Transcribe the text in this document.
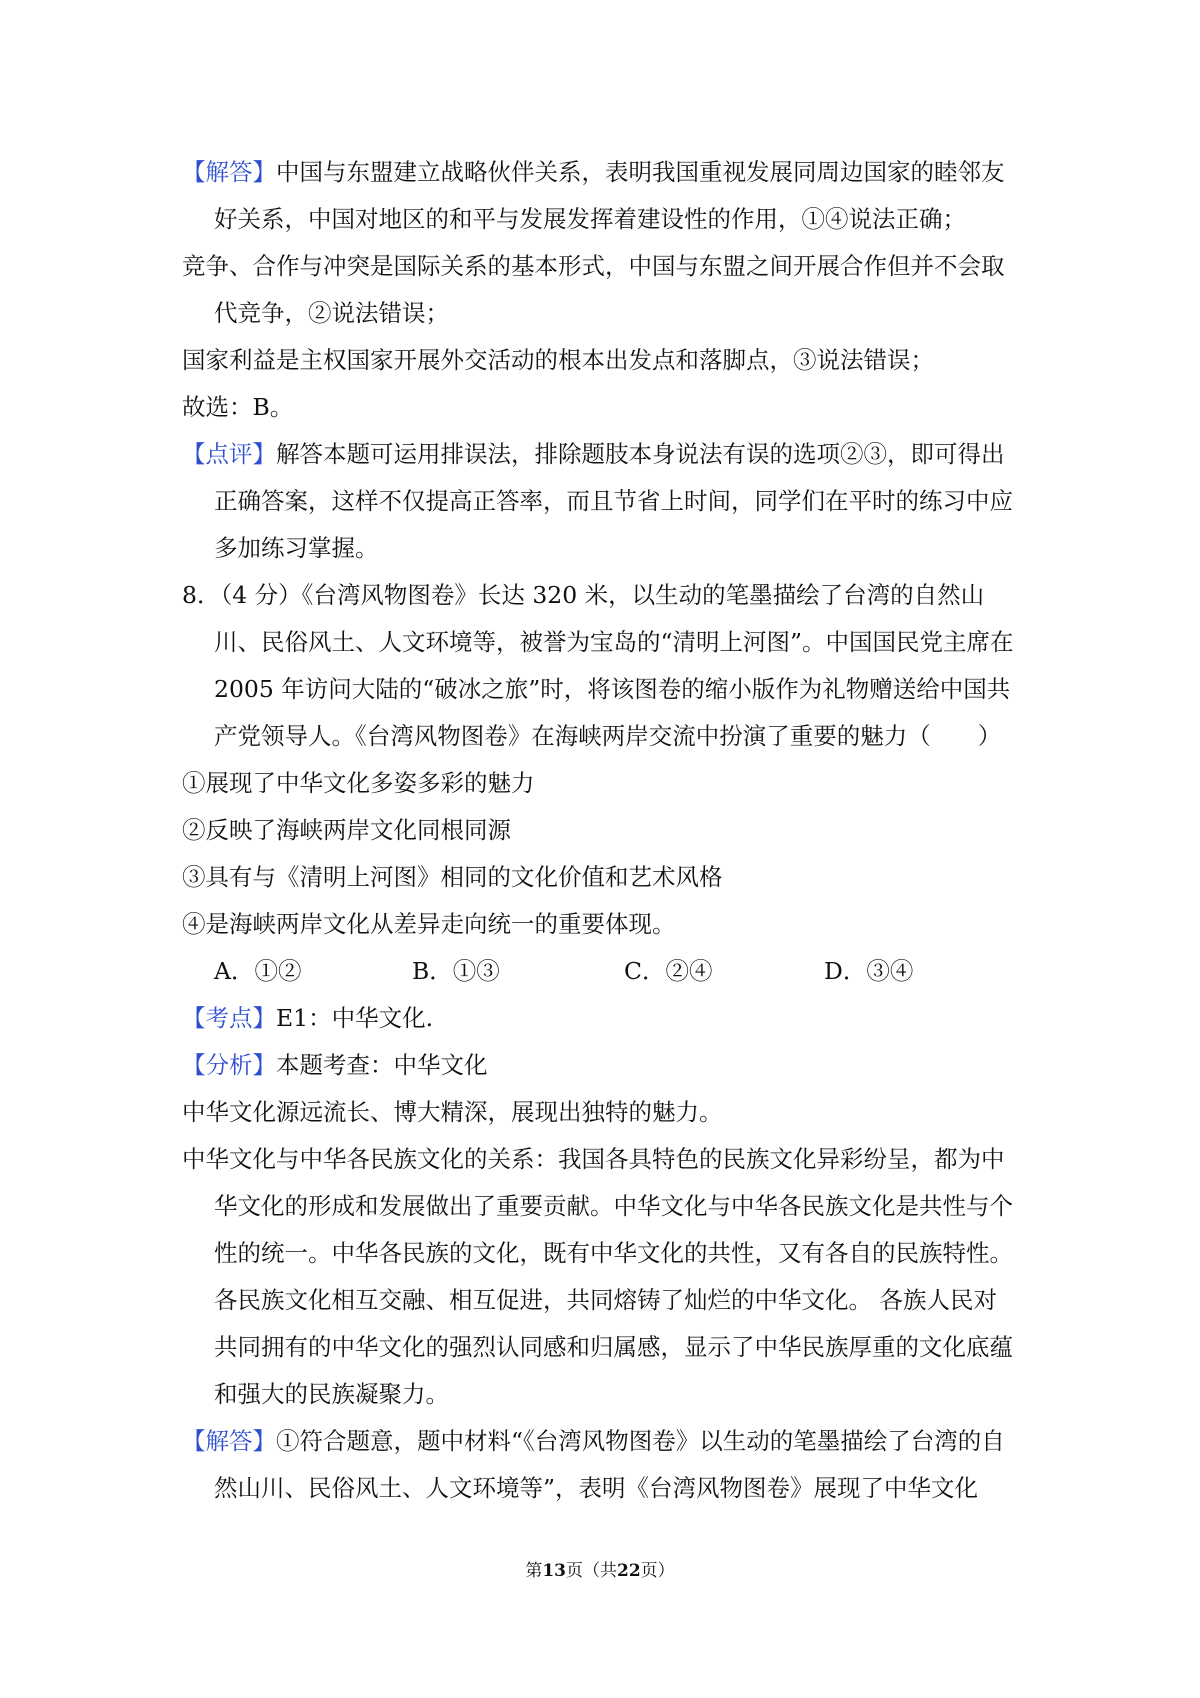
【解答】中国与东盟建立战略伙伴关系，表明我国重视发展同周边国家的睦邻友好关系，中国对地区的和平与发展发挥着建设性的作用，①④说法正确；

竞争、合作与冲突是国际关系的基本形式，中国与东盟之间开展合作但并不会取代竞争，②说法错误；

国家利益是主权国家开展外交活动的根本出发点和落脚点，③说法错误；

故选：B。

【点评】解答本题可运用排误法，排除题肢本身说法有误的选项②③，即可得出正确答案，这样不仅提高正答率，而且节省上时间，同学们在平时的练习中应多加练习掌握。

8．（4 分）《台湾风物图卷》长达 320 米，以生动的笔墨描绘了台湾的自然山川、民俗风土、人文环境等，被誉为宝岛的“清明上河图”。中国国民党主席在 2005 年访问大陆的“破冰之旅”时，将该图卷的缩小版作为礼物赠送给中国共产党领导人。《台湾风物图卷》在海峡两岸交流中扮演了重要的魅力（　　）

①展现了中华文化多姿多彩的魅力

②反映了海峡两岸文化同根同源

③具有与《清明上河图》相同的文化价值和艺术风格

④是海峡两岸文化从差异走向统一的重要体现。

A．①②	B．①③	C．②④	D．③④

【考点】E1：中华文化.

【分析】本题考查：中华文化

中华文化源远流长、博大精深，展现出独特的魅力。

中华文化与中华各民族文化的关系：我国各具特色的民族文化异彩纷呈，都为中华文化的形成和发展做出了重要贡献。中华文化与中华各民族文化是共性与个性的统一。中华各民族的文化，既有中华文化的共性，又有各自的民族特性。各民族文化相互交融、相互促进，共同熔铸了灿烂的中华文化。 各族人民对共同拥有的中华文化的强烈认同感和归属感，显示了中华民族厚重的文化底蕴和强大的民族凝聚力。

【解答】①符合题意，题中材料“《台湾风物图卷》以生动的笔墨描绘了台湾的自然山川、民俗风土、人文环境等”，表明《台湾风物图卷》展现了中华文化

第13页（共22页）
